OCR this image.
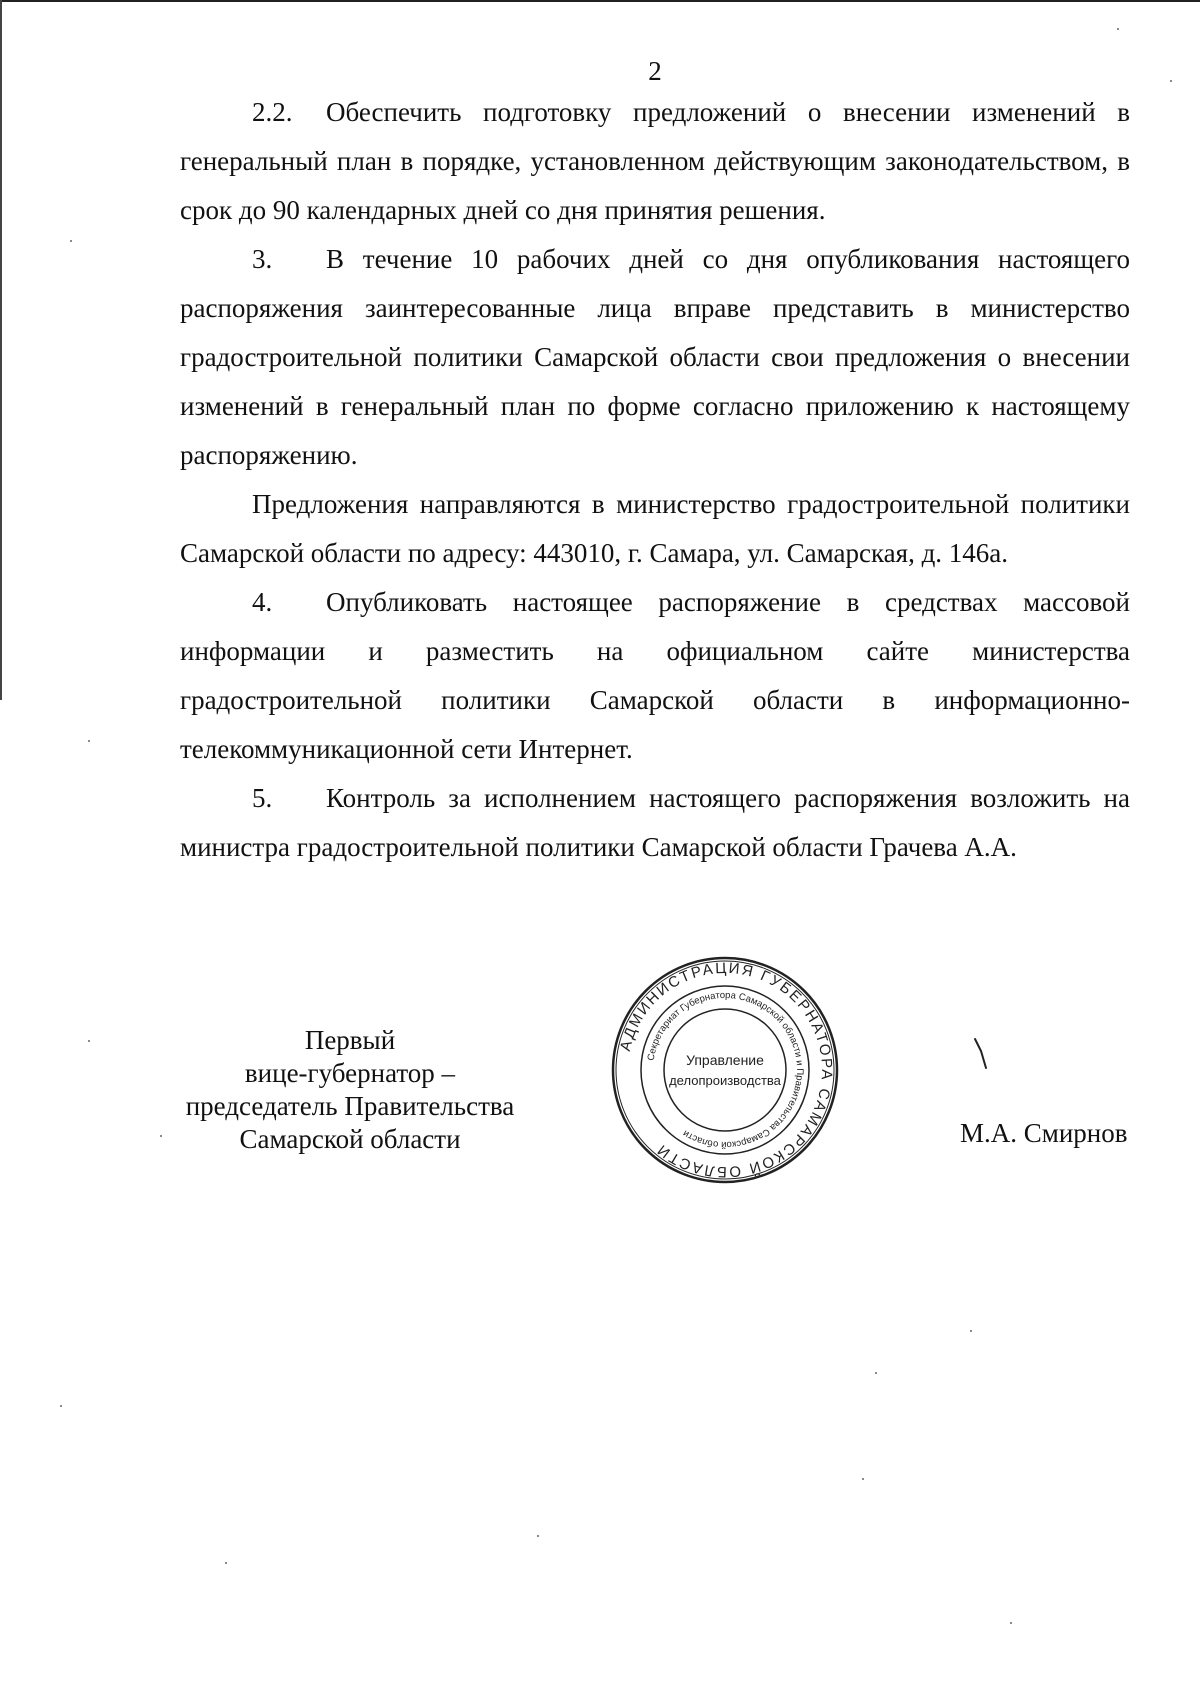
2

2.2. Обеспечить подготовку предложений о внесении изменений в генеральный план в порядке, установленном действующим законодательством, в срок до 90 календарных дней со дня принятия решения.

3. В течение 10 рабочих дней со дня опубликования настоящего распоряжения заинтересованные лица вправе представить в министерство градостроительной политики Самарской области свои предложения о внесении изменений в генеральный план по форме согласно приложению к настоящему распоряжению.

Предложения направляются в министерство градостроительной политики Самарской области по адресу: 443010, г. Самара, ул. Самарская, д. 146а.

4. Опубликовать настоящее распоряжение в средствах массовой информации и разместить на официальном сайте министерства градостроительной политики Самарской области в информационно-телекоммуникационной сети Интернет.

5. Контроль за исполнением настоящего распоряжения возложить на министра градостроительной политики Самарской области Грачева А.А.

Первый
вице-губернатор –
председатель Правительства
Самарской области
АДМИНИСТРАЦИЯ ГУБЕРНАТОРА САМАРСКОЙ ОБЛАСТИ
Секретариат Губернатора Самарской области и Правительства Самарской области
Управление
делопроизводства
М.А. Смирнов
